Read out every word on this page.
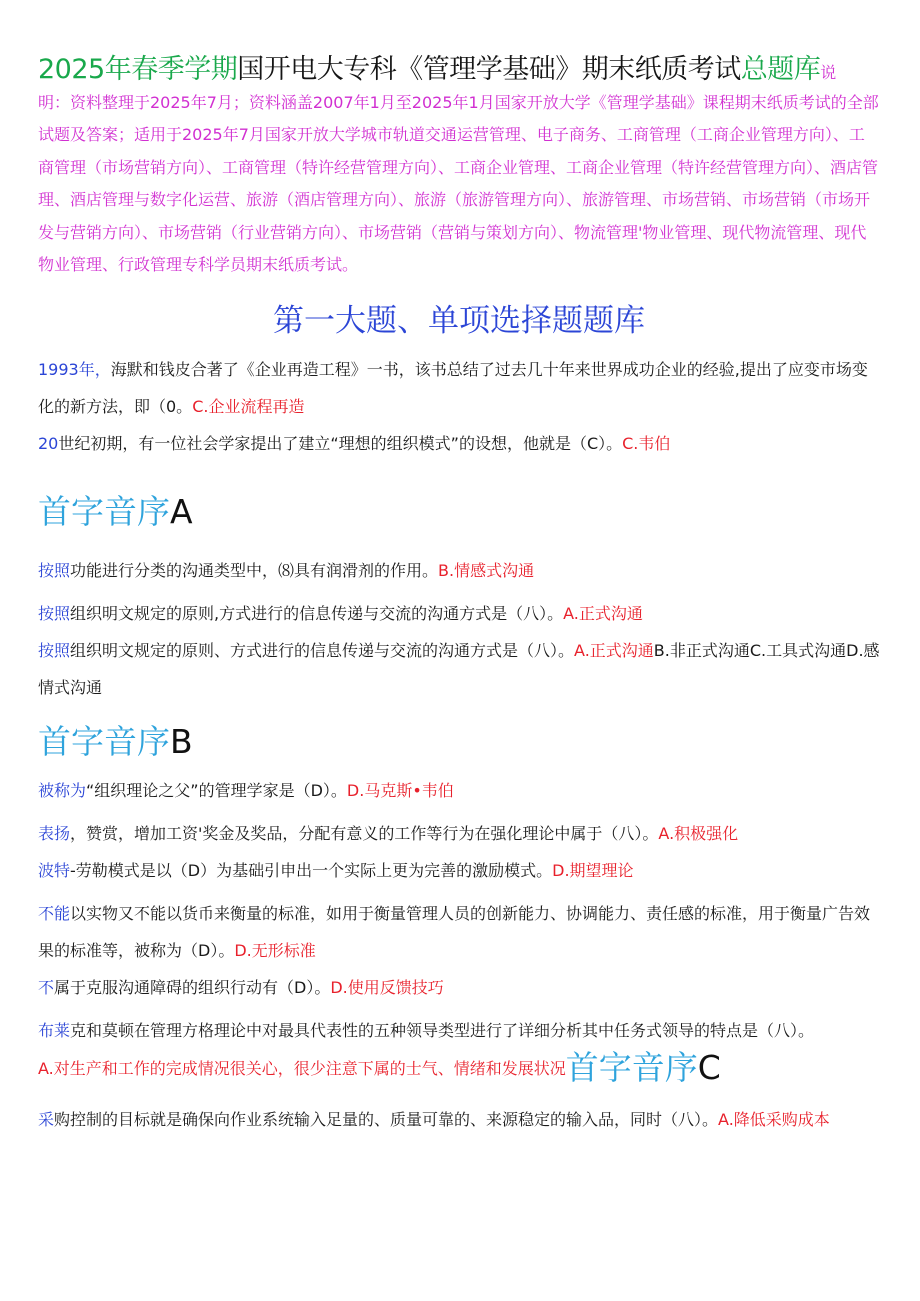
2025年春季学期国开电大专科《管理学基础》期末纸质考试总题库说
明：资料整理于2025年7月；资料涵盖2007年1月至2025年1月国家开放大学《管理学基础》课程期末纸质考试的全部试题及答案；适用于2025年7月国家开放大学城市轨道交通运营管理、电子商务、工商管理（工商企业管理方向）、工商管理（市场营销方向）、工商管理（特许经营管理方向）、工商企业管理、工商企业管理（特许经营管理方向）、酒店管理、酒店管理与数字化运营、旅游（酒店管理方向）、旅游（旅游管理方向）、旅游管理、市场营销、市场营销（市场开发与营销方向）、市场营销（行业营销方向）、市场营销（营销与策划方向）、物流管理'物业管理、现代物流管理、现代物业管理、行政管理专科学员期末纸质考试。
第一大题、单项选择题题库
1993年，海默和钱皮合著了《企业再造工程》一书，该书总结了过去几十年来世界成功企业的经验,提出了应变市场变化的新方法，即（0。C.企业流程再造
20世纪初期，有一位社会学家提出了建立“理想的组织模式”的设想，他就是（C）。C.韦伯
首字音序A
按照功能进行分类的沟通类型中，⑻具有润滑剂的作用。B.情感式沟通
按照组织明文规定的原则,方式进行的信息传递与交流的沟通方式是（八）。A.正式沟通
按照组织明文规定的原则、方式进行的信息传递与交流的沟通方式是（八）。A.正式沟通B.非正式沟通C.工具式沟通D.感情式沟通
首字音序B
被称为“组织理论之父”的管理学家是（D）。D.马克斯•韦伯
表扬，赞赏，增加工资'奖金及奖品，分配有意义的工作等行为在强化理论中属于（八）。A.积极强化
波特-劳勒模式是以（D）为基础引申出一个实际上更为完善的激励模式。D.期望理论
不能以实物又不能以货币来衡量的标准，如用于衡量管理人员的创新能力、协调能力、责任感的标准，用于衡量广告效果的标准等，被称为（D）。D.无形标准
不属于克服沟通障碍的组织行动有（D）。D.使用反馈技巧
布莱克和莫顿在管理方格理论中对最具代表性的五种领导类型进行了详细分析其中任务式领导的特点是（八）。
A.对生产和工作的完成情况很关心，很少注意下属的士气、情绪和发展状况首字音序C
采购控制的目标就是确保向作业系统输入足量的、质量可靠的、来源稳定的输入品，同时（八）。A.降低采购成本
